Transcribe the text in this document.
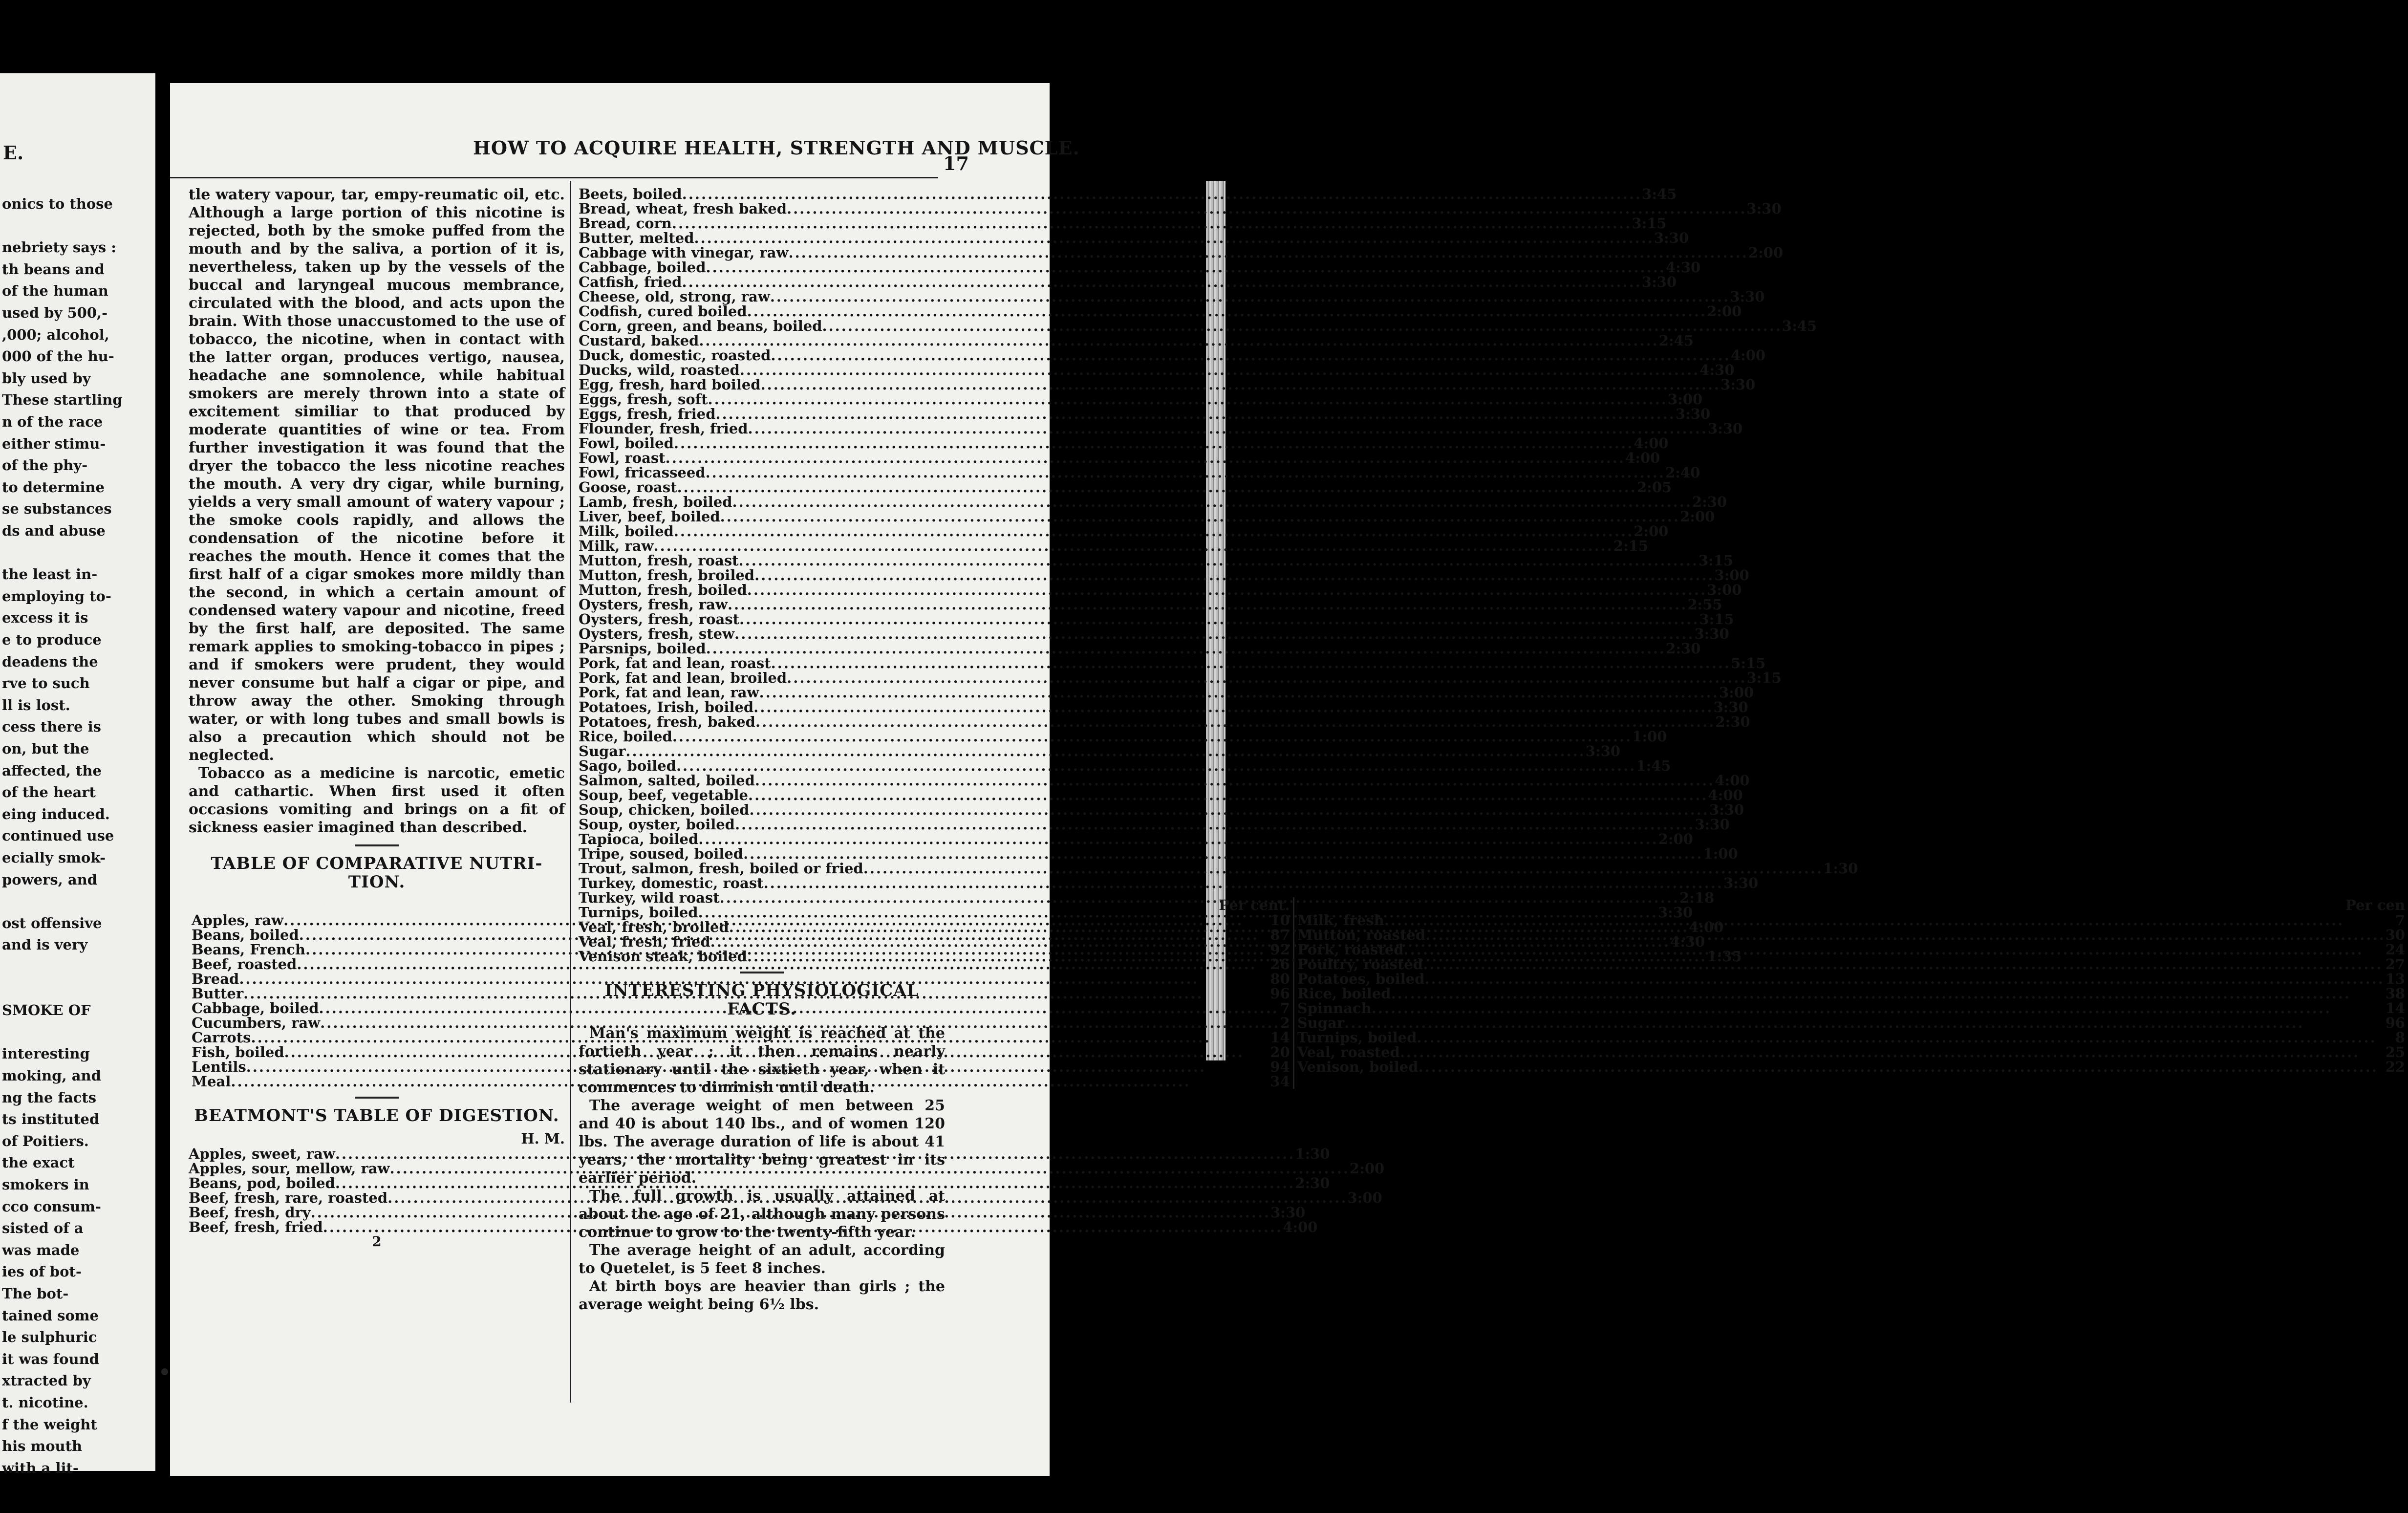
E.
onics to those
nebriety says :
th beans and
of the human
used by 500,-
,000; alcohol,
000 of the hu-
bly used by
These startling
n of the race
either stimu-
of the phy-
to determine
se substances
ds and abuse
the least in-
employing to-
excess it is
e to produce
deadens the
rve to such
ll is lost.
cess there is
on, but the
affected, the
of the heart
eing induced.
continued use
ecially smok-
powers, and
ost offensive
and is very
SMOKE OF
interesting
moking, and
ng the facts
ts instituted
of Poitiers.
the exact
smokers in
cco consum-
sisted of a
was made
ies of bot-
The bot-
tained some
le sulphuric
it was found
xtracted by
t. nicotine.
f the weight
his mouth
with a lit-
HOW TO ACQUIRE HEALTH, STRENGTH AND MUSCLE.
17

tle watery vapour, tar, empy-reumatic oil, etc. Although a large portion of this nicotine is rejected, both by the smoke puffed from the mouth and by the saliva, a portion of it is, nevertheless, taken up by the vessels of the buccal and laryngeal mucous membrance, circulated with the blood, and acts upon the brain. With those unaccustomed to the use of tobacco, the nicotine, when in contact with the latter organ, produces vertigo, nausea, headache ane somnolence, while habitual smokers are merely thrown into a state of excitement similiar to that produced by moderate quantities of wine or tea. From further investigation it was found that the dryer the tobacco the less nicotine reaches the mouth. A very dry cigar, while burning, yields a very small amount of watery vapour ; the smoke cools rapidly, and allows the condensation of the nicotine before it reaches the mouth. Hence it comes that the first half of a cigar smokes more mildly than the second, in which a certain amount of condensed watery vapour and nicotine, freed by the first half, are deposited. The same remark applies to smoking-tobacco in pipes ; and if smokers were prudent, they would never consume but half a cigar or pipe, and throw away the other. Smoking through water, or with long tubes and small bowls is also a precaution which should not be neglected.

Tobacco as a medicine is narcotic, emetic and cathartic. When first used it often occasions vomiting and brings on a fit of sickness easier imagined than described.

TABLE OF COMPARATIVE NUTRI-TION.
Per cent.
Apples, raw .....	10
Beans, boiled .....	87
Beans, French .....	92
Beef, roasted .....	26
Bread .....	80
Butter .....	96
Cabbage, boiled .....	7
Cucumbers, raw .....	2
Carrots .....	14
Fish, boiled .....	20
Lentils .....	94
Meal .....	34
Per cen
Milk, fresh .....	7
Mutton, roasted .....	30
Pork, roasted .....	24
Poultry, roasted .....	27
Potatoes, boiled .....	13
Rice, boiled .....	38
Spinnach .....	14
Sugar .....	96
Turnips, boiled .....	8
Veal, roasted .....	25
Venison, boiled .....	22
BEATMONT'S TABLE OF DIGESTION.
H. M.
Apples, sweet, raw .....	1:30
Apples, sour, mellow, raw .....	2:00
Beans, pod, boiled .....	2:30
Beef, fresh, rare, roasted .....	3:00
Beef, fresh, dry .....	3:30
Beef, fresh, fried .....	4:00
2
Beets, boiled .....	3:45
Bread, wheat, fresh baked .....	3:30
Bread, corn .....	3:15
Butter, melted .....	3:30
Cabbage with vinegar, raw .....	2:00
Cabbage, boiled .....	4:30
Catfish, fried .....	3:30
Cheese, old, strong, raw .....	3:30
Codfish, cured boiled .....	2:00
Corn, green, and beans, boiled .....	3:45
Custard, baked .....	2:45
Duck, domestic, roasted .....	4:00
Ducks, wild, roasted .....	4:30
Egg, fresh, hard boiled .....	3:30
Eggs, fresh, soft .....	3:00
Eggs, fresh, fried .....	3:30
Flounder, fresh, fried .....	3:30
Fowl, boiled .....	4:00
Fowl, roast .....	4:00
Fowl, fricasseed .....	2:40
Goose, roast .....	2:05
Lamb, fresh, boiled .....	2:30
Liver, beef, boiled .....	2:00
Milk, boiled .....	2:00
Milk, raw .....	2:15
Mutton, fresh, roast .....	3:15
Mutton, fresh, broiled .....	3:00
Mutton, fresh, boiled .....	3:00
Oysters, fresh, raw .....	2:55
Oysters, fresh, roast .....	3:15
Oysters, fresh, stew .....	3:30
Parsnips, boiled .....	2:30
Pork, fat and lean, roast .....	5:15
Pork, fat and lean, broiled .....	3:15
Pork, fat and lean, raw .....	3:00
Potatoes, Irish, boiled .....	3:30
Potatoes, fresh, baked .....	2:30
Rice, boiled .....	1:00
Sugar .....	3:30
Sago, boiled .....	1:45
Salmon, salted, boiled .....	4:00
Soup, beef, vegetable .....	4:00
Soup, chicken, boiled .....	3:30
Soup, oyster, boiled .....	3:30
Tapioca, boiled .....	2:00
Tripe, soused, boiled .....	1:00
Trout, salmon, fresh, boiled or fried .....	1:30
Turkey, domestic, roast .....	3:30
Turkey, wild roast .....	2:18
Turnips, boiled .....	3:30
Veal, fresh, broiled .....	4:00
Veal, fresh, fried .....	4:30
Venison steak, boiled .....	1:35
INTERESTING PHYSIOLOGICAL FACTS.

Man's maximum weight is reached at the fortieth year ; it then remains nearly stationary until the sixtieth year, when it commences to diminish until death.

The average weight of men between 25 and 40 is about 140 lbs., and of women 120 lbs. The average duration of life is about 41 years, the mortality being greatest in its earlier period.

The full growth is usually attained at about the age of 21, although many persons continue to grow to the twenty-fifth year.

The average height of an adult, according to Quetelet, is 5 feet 8 inches.

At birth boys are heavier than girls ; the average weight being 6½ lbs.
